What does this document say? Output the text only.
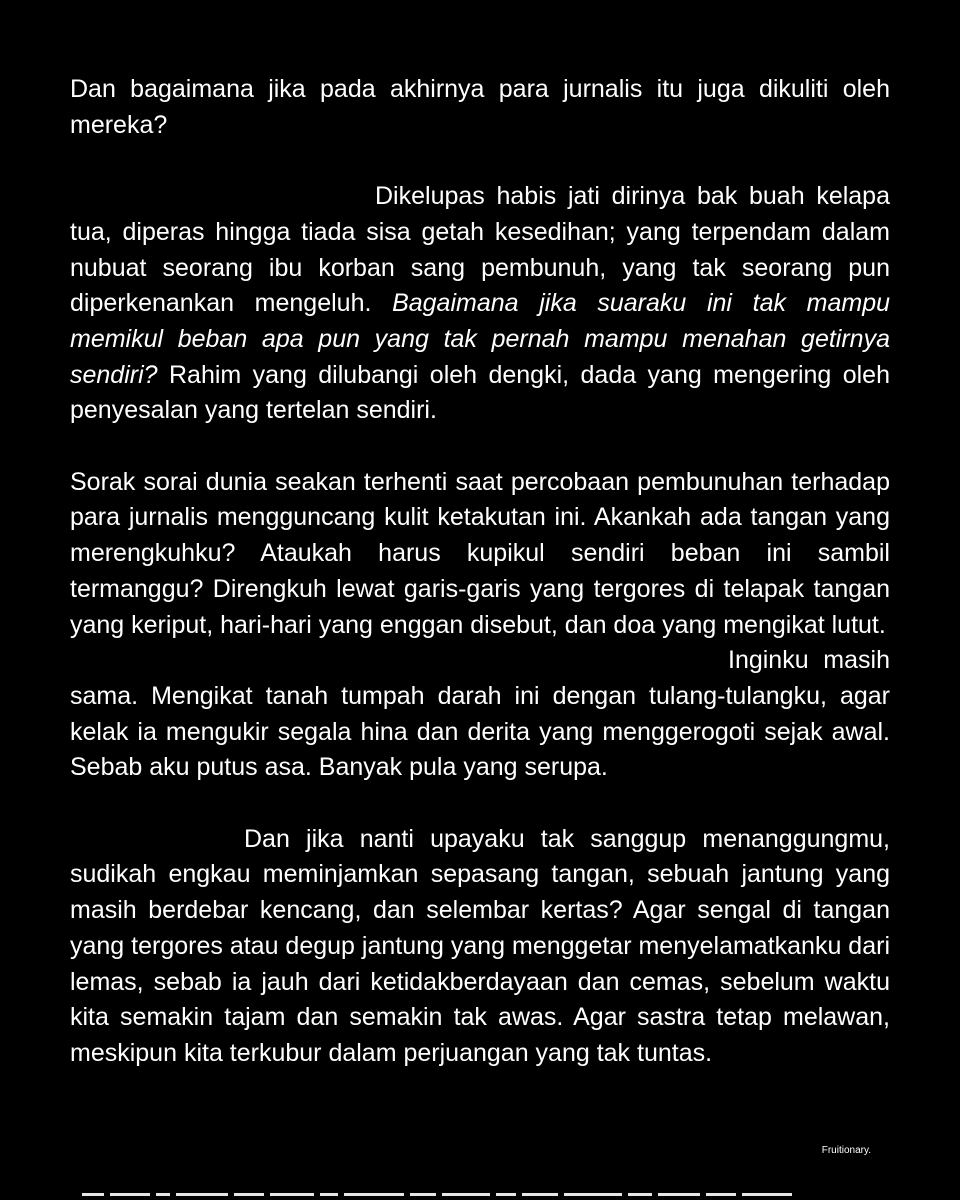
Dan bagaimana jika pada akhirnya para jurnalis itu juga dikuliti oleh mereka?

Dikelupas habis jati dirinya bak buah kelapa tua, diperas hingga tiada sisa getah kesedihan; yang terpendam dalam nubuat seorang ibu korban sang pembunuh, yang tak seorang pun diperkenankan mengeluh. Bagaimana jika suaraku ini tak mampu memikul beban apa pun yang tak pernah mampu menahan getirnya sendiri? Rahim yang dilubangi oleh dengki, dada yang mengering oleh penyesalan yang tertelan sendiri.

Sorak sorai dunia seakan terhenti saat percobaan pembunuhan terhadap para jurnalis mengguncang kulit ketakutan ini. Akankah ada tangan yang merengkuhku? Ataukah harus kupikul sendiri beban ini sambil termanggu? Direngkuh lewat garis-garis yang tergores di telapak tangan yang keriput, hari-hari yang enggan disebut, dan doa yang mengikat lutut.

Inginku masih sama. Mengikat tanah tumpah darah ini dengan tulang-tulangku, agar kelak ia mengukir segala hina dan derita yang menggerogoti sejak awal. Sebab aku putus asa. Banyak pula yang serupa.

Dan jika nanti upayaku tak sanggup menanggungmu, sudikah engkau meminjamkan sepasang tangan, sebuah jantung yang masih berdebar kencang, dan selembar kertas? Agar sengal di tangan yang tergores atau degup jantung yang menggetar menyelamatkanku dari lemas, sebab ia jauh dari ketidakberdayaan dan cemas, sebelum waktu kita semakin tajam dan semakin tak awas. Agar sastra tetap melawan, meskipun kita terkubur dalam perjuangan yang tak tuntas.

Fruitionary.
